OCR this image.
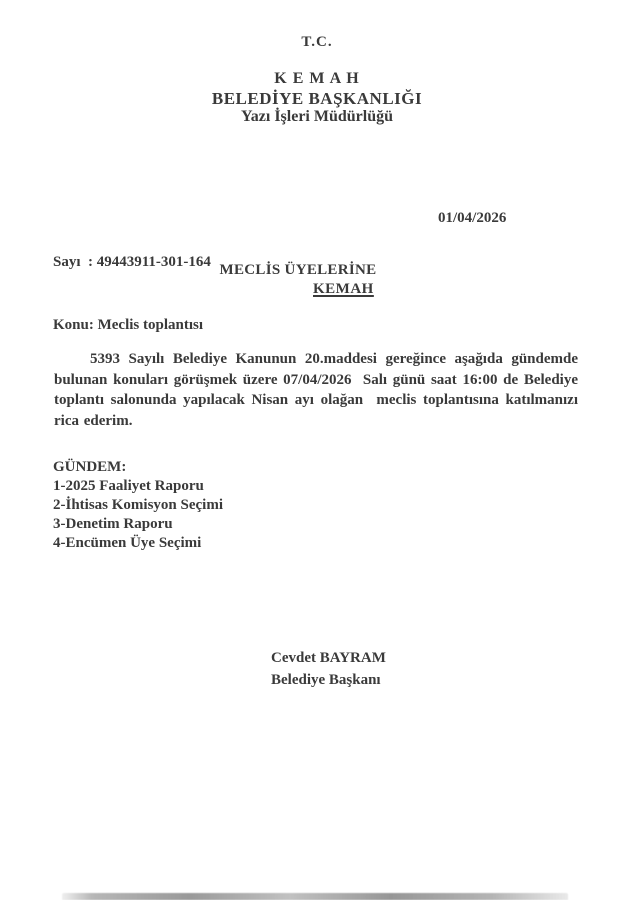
T.C.
K E M A H
BELEDİYE BAŞKANLIĞI
Yazı İşleri Müdürlüğü

Sayı  : 49443911-301-164

Konu: Meclis toplantısı

01/04/2026
MECLİS ÜYELERİNE
KEMAH
5393 Sayılı Belediye Kanunun 20.maddesi gereğince aşağıda gündemde bulunan konuları görüşmek üzere 07/04/2026  Salı günü saat 16:00 de Belediye toplantı salonunda yapılacak Nisan ayı olağan  meclis toplantısına katılmanızı rica ederim.
GÜNDEM:
1-2025 Faaliyet Raporu
2-İhtisas Komisyon Seçimi
3-Denetim Raporu
4-Encümen Üye Seçimi
Cevdet BAYRAM
Belediye Başkanı
